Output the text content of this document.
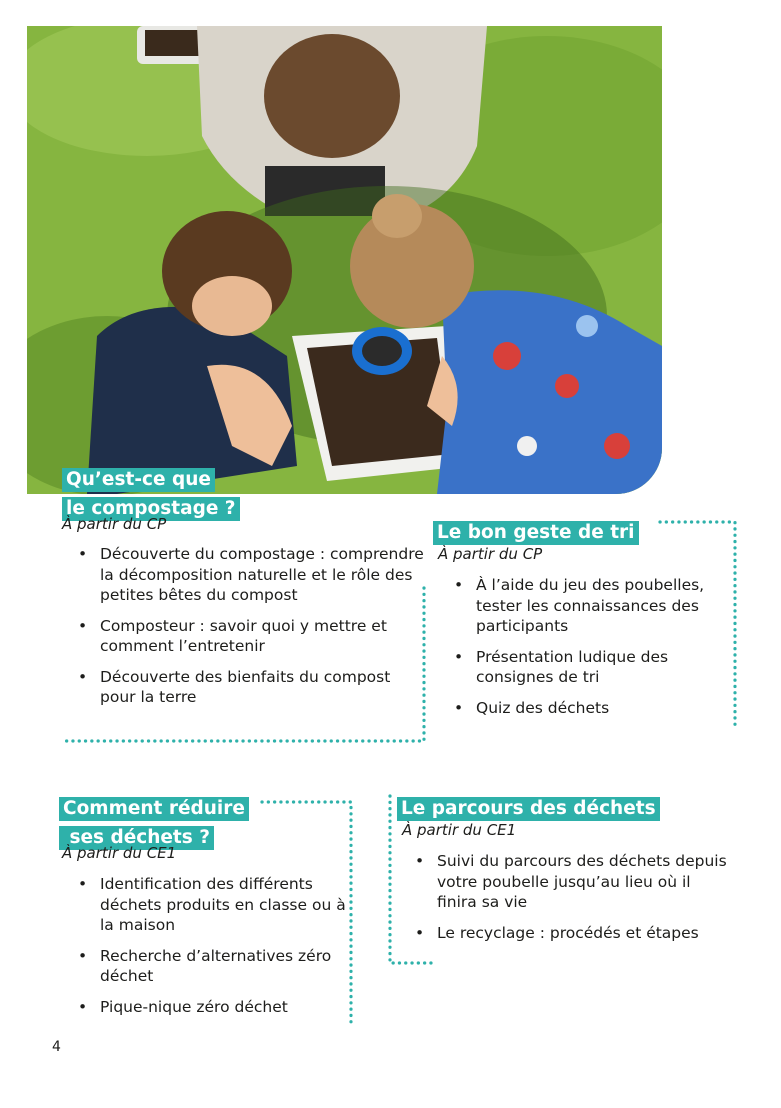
Qu’est-ce que
le compostage ?

À partir du CP

• Découverte du compostage : comprendre la décomposition naturelle et le rôle des petites bêtes du compost
• Composteur : savoir quoi y mettre et comment l’entretenir
• Découverte des bienfaits du compost pour la terre
Le bon geste de tri

À partir du CP

• À l’aide du jeu des poubelles, tester les connaissances des participants
• Présentation ludique des consignes de tri
• Quiz des déchets
Comment réduire
ses déchets ?

À partir du CE1

• Identification des différents déchets produits en classe ou à la maison
• Recherche d’alternatives zéro déchet
• Pique-nique zéro déchet
Le parcours des déchets

À partir du CE1

• Suivi du parcours des déchets depuis votre poubelle jusqu’au lieu où il finira sa vie
• Le recyclage : procédés et étapes

4
